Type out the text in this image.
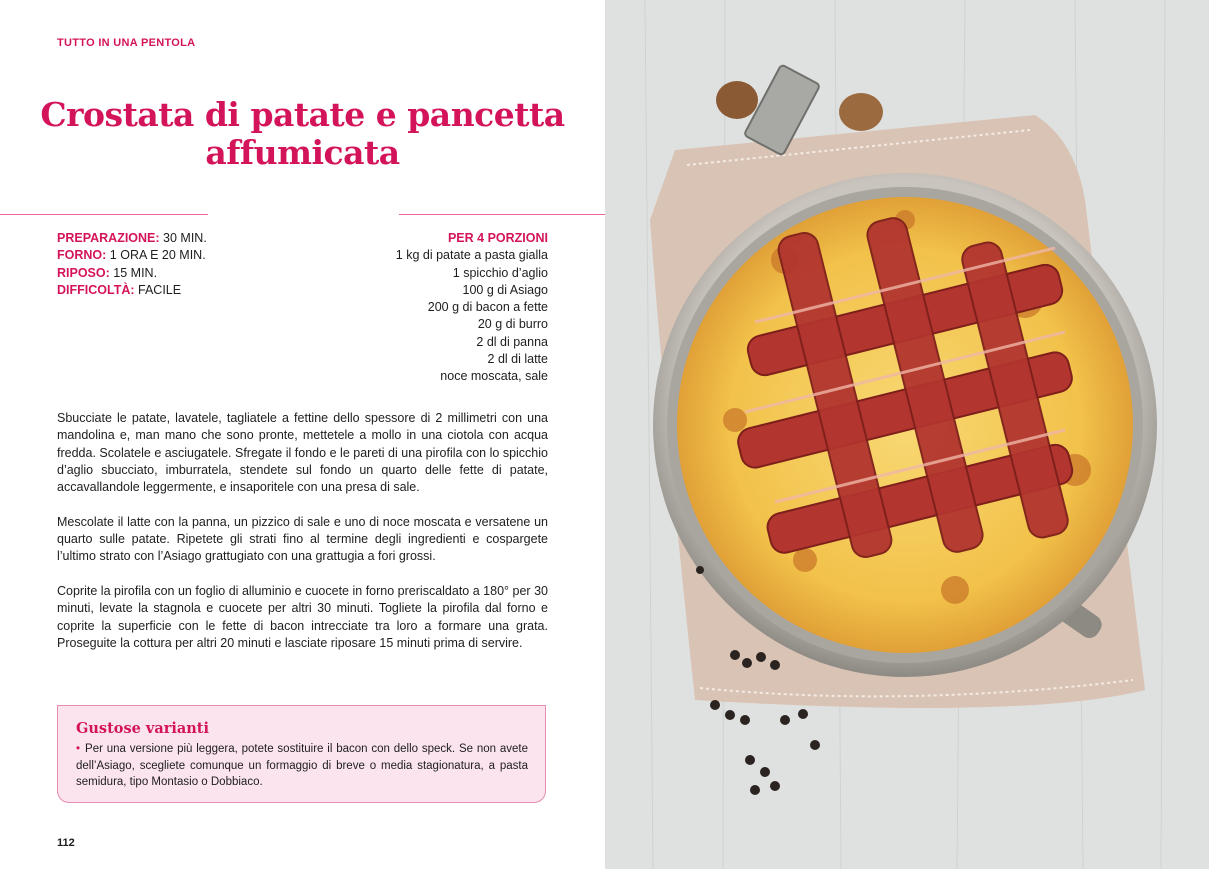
TUTTO IN UNA PENTOLA
Crostata di patate e pancetta
affumicata
PREPARAZIONE: 30 MIN.
FORNO: 1 ORA E 20 MIN.
RIPOSO: 15 MIN.
DIFFICOLTÀ: FACILE
PER 4 PORZIONI
1 kg di patate a pasta gialla
1 spicchio d’aglio
100 g di Asiago
200 g di bacon a fette
20 g di burro
2 dl di panna
2 dl di latte
noce moscata, sale

Sbucciate le patate, lavatele, tagliatele a fettine dello spessore di 2 millimetri con una mandolina e, man mano che sono pronte, mettetele a mollo in una ciotola con acqua fredda. Scolatele e asciugatele. Sfregate il fondo e le pareti di una pirofila con lo spicchio d’aglio sbucciato, imburratela, stendete sul fondo un quarto delle fette di patate, accavallandole leggermente, e insaporitele con una presa di sale.

Mescolate il latte con la panna, un pizzico di sale e uno di noce moscata e versatene un quarto sulle patate. Ripetete gli strati fino al termine degli ingredienti e cospargete l’ultimo strato con l’Asiago grattugiato con una grattugia a fori grossi.

Coprite la pirofila con un foglio di alluminio e cuocete in forno preriscaldato a 180° per 30 minuti, levate la stagnola e cuocete per altri 30 minuti. Togliete la pirofila dal forno e coprite la superficie con le fette di bacon intrecciate tra loro a formare una grata. Proseguite la cottura per altri 20 minuti e lasciate riposare 15 minuti prima di servire.

Gustose varianti
• Per una versione più leggera, potete sostituire il bacon con dello speck. Se non avete dell’Asiago, scegliete comunque un formaggio di breve o media stagionatura, a pasta semidura, tipo Montasio o Dobbiaco.
112
